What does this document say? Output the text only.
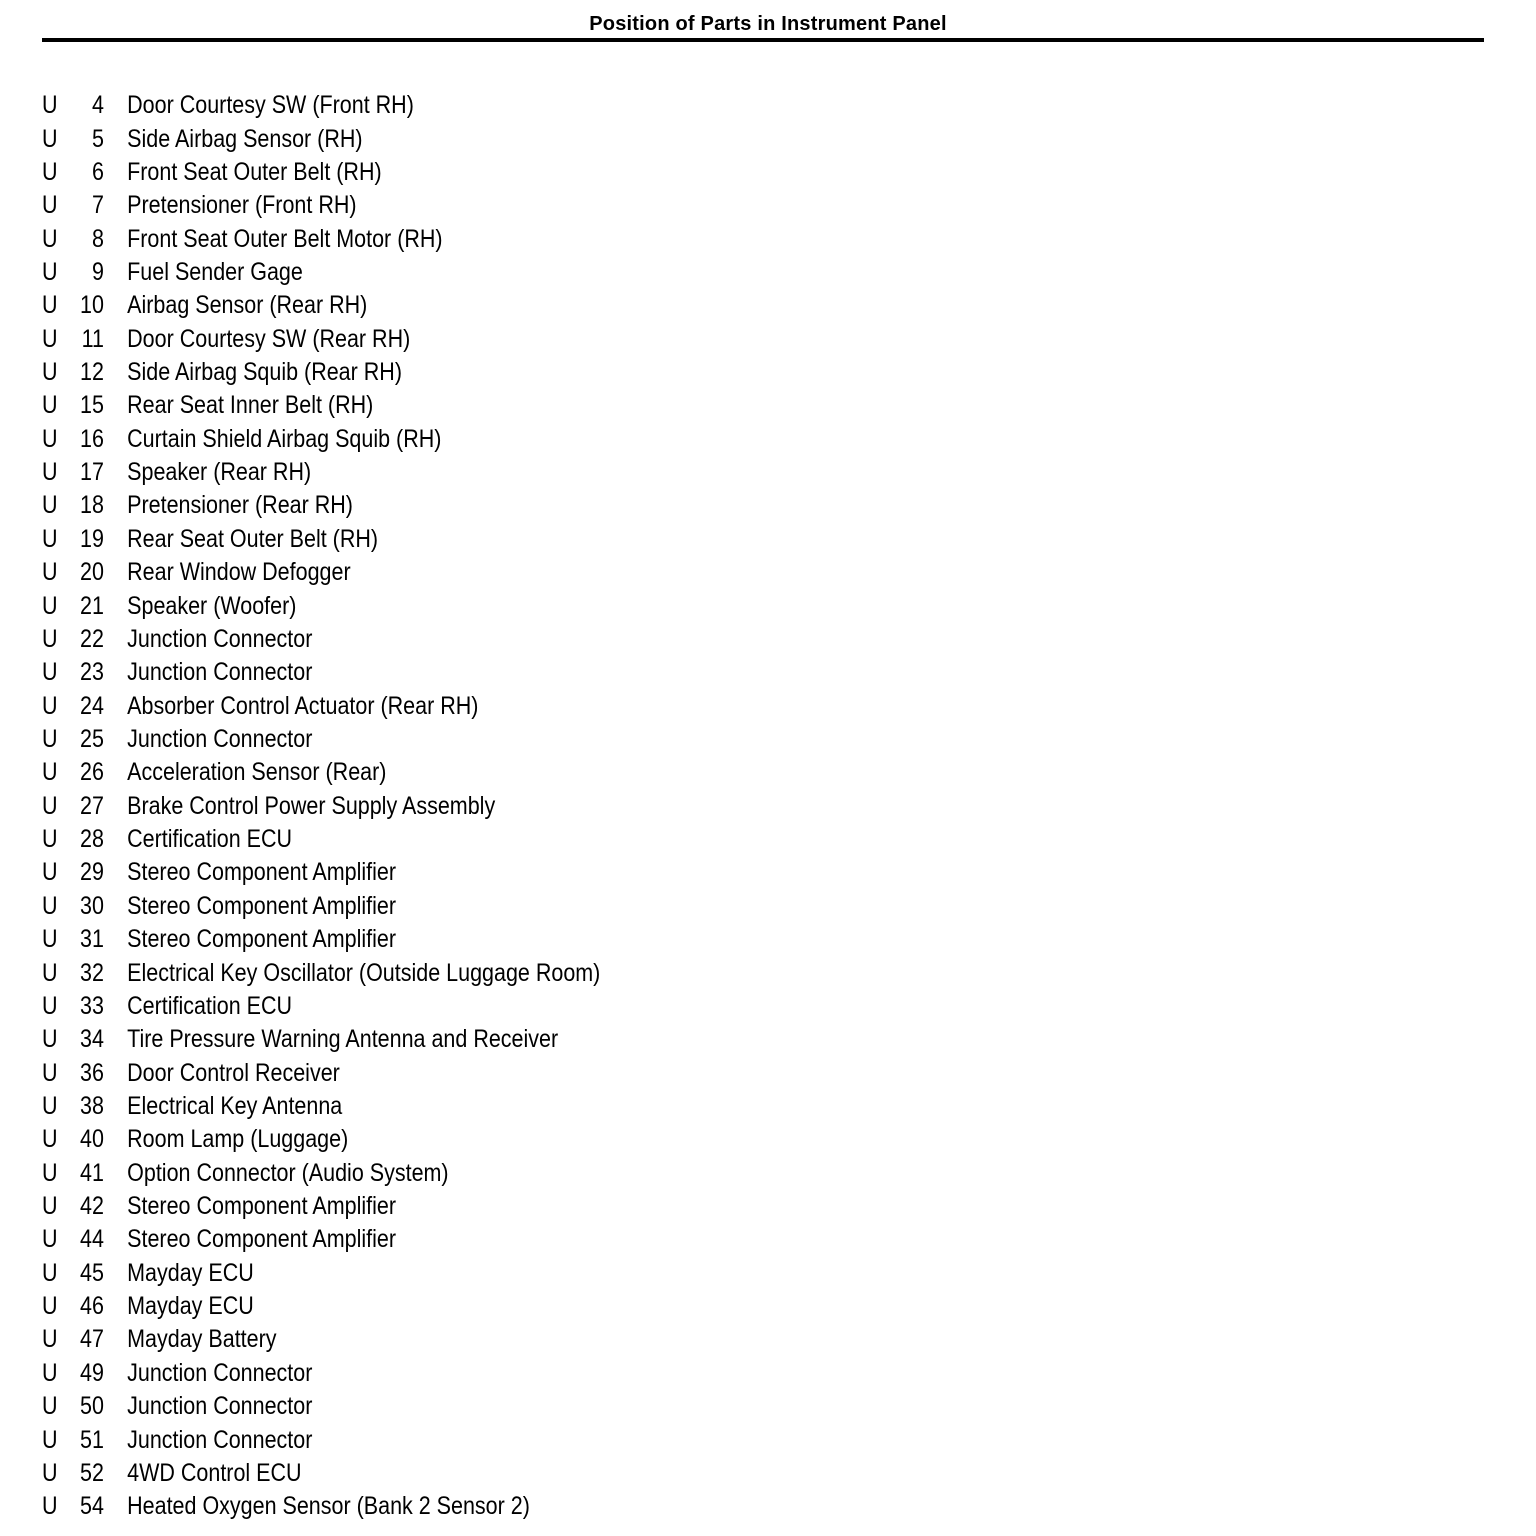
Position of Parts in Instrument Panel
U	4 Door Courtesy SW (Front RH)
U	5 Side Airbag Sensor (RH)
U	6 Front Seat Outer Belt (RH)
U	7 Pretensioner (Front RH)
U	8 Front Seat Outer Belt Motor (RH)
U	9 Fuel Sender Gage
U 10 Airbag Sensor (Rear RH)
U 11 Door Courtesy SW (Rear RH)
U 12 Side Airbag Squib (Rear RH)
U 15 Rear Seat Inner Belt (RH)
U 16 Curtain Shield Airbag Squib (RH)
U 17 Speaker (Rear RH)
U 18 Pretensioner (Rear RH)
U 19 Rear Seat Outer Belt (RH)
U 20 Rear Window Defogger
U 21 Speaker (Woofer)
U 22 Junction Connector
U 23 Junction Connector
U 24 Absorber Control Actuator (Rear RH)
U 25 Junction Connector
U 26 Acceleration Sensor (Rear)
U 27 Brake Control Power Supply Assembly
U 28 Certification ECU
U 29 Stereo Component Amplifier
U 30 Stereo Component Amplifier
U 31 Stereo Component Amplifier
U 32 Electrical Key Oscillator (Outside Luggage Room)
U 33 Certification ECU
U 34 Tire Pressure Warning Antenna and Receiver
U 36 Door Control Receiver
U 38 Electrical Key Antenna
U 40 Room Lamp (Luggage)
U 41 Option Connector (Audio System)
U 42 Stereo Component Amplifier
U 44 Stereo Component Amplifier
U 45 Mayday ECU
U 46 Mayday ECU
U 47 Mayday Battery
U 49 Junction Connector
U 50 Junction Connector
U 51 Junction Connector
U 52 4WD Control ECU
U 54 Heated Oxygen Sensor (Bank 2 Sensor 2)
